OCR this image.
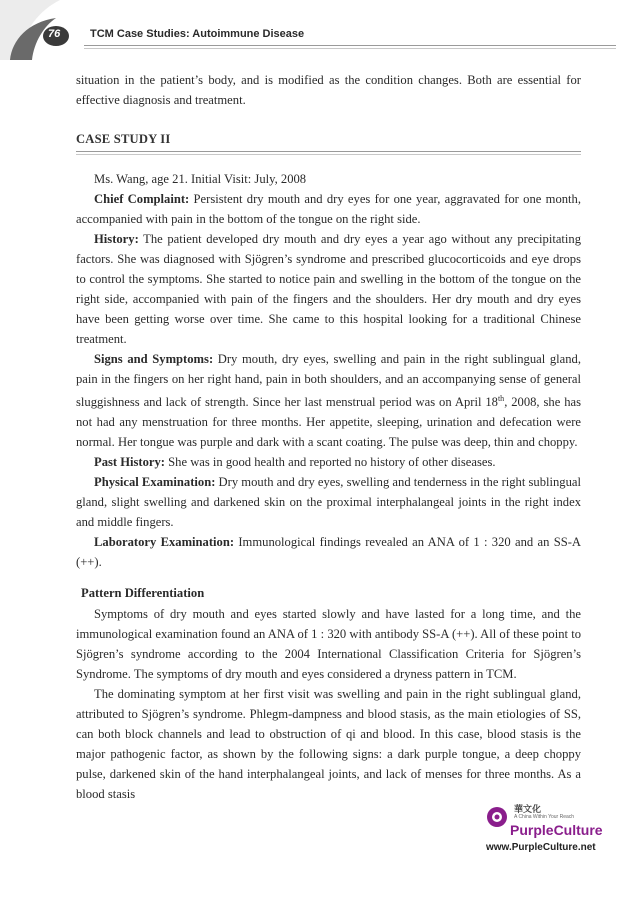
76	TCM Case Studies: Autoimmune Disease

situation in the patient’s body, and is modified as the condition changes. Both are essential for effective diagnosis and treatment.

CASE STUDY II

Ms. Wang, age 21. Initial Visit: July, 2008

Chief Complaint: Persistent dry mouth and dry eyes for one year, aggravated for one month, accompanied with pain in the bottom of the tongue on the right side.

History: The patient developed dry mouth and dry eyes a year ago without any precipitating factors. She was diagnosed with Sjögren’s syndrome and prescribed glucocorticoids and eye drops to control the symptoms. She started to notice pain and swelling in the bottom of the tongue on the right side, accompanied with pain of the fingers and the shoulders. Her dry mouth and dry eyes have been getting worse over time. She came to this hospital looking for a traditional Chinese treatment.

Signs and Symptoms: Dry mouth, dry eyes, swelling and pain in the right sublingual gland, pain in the fingers on her right hand, pain in both shoulders, and an accompanying sense of general sluggishness and lack of strength. Since her last menstrual period was on April 18th, 2008, she has not had any menstruation for three months. Her appetite, sleeping, urination and defecation were normal. Her tongue was purple and dark with a scant coating. The pulse was deep, thin and choppy.

Past History: She was in good health and reported no history of other diseases.

Physical Examination: Dry mouth and dry eyes, swelling and tenderness in the right sublingual gland, slight swelling and darkened skin on the proximal interphalangeal joints in the right index and middle fingers.

Laboratory Examination: Immunological findings revealed an ANA of 1 : 320 and an SS-A (++).

Pattern Differentiation

Symptoms of dry mouth and eyes started slowly and have lasted for a long time, and the immunological examination found an ANA of 1 : 320 with antibody SS-A (++). All of these point to Sjögren’s syndrome according to the 2004 International Classification Criteria for Sjögren’s Syndrome. The symptoms of dry mouth and eyes considered a dryness pattern in TCM.

The dominating symptom at her first visit was swelling and pain in the right sublingual gland, attributed to Sjögren’s syndrome. Phlegm-dampness and blood stasis, as the main etiologies of SS, can both block channels and lead to obstruction of qi and blood. In this case, blood stasis is the major pathogenic factor, as shown by the following signs: a dark purple tongue, a deep choppy pulse, darkened skin of the hand interphalangeal joints, and lack of menses for three months. As a blood stasis

華文化
A China Within Your Reach
PurpleCulture
www.PurpleCulture.net
